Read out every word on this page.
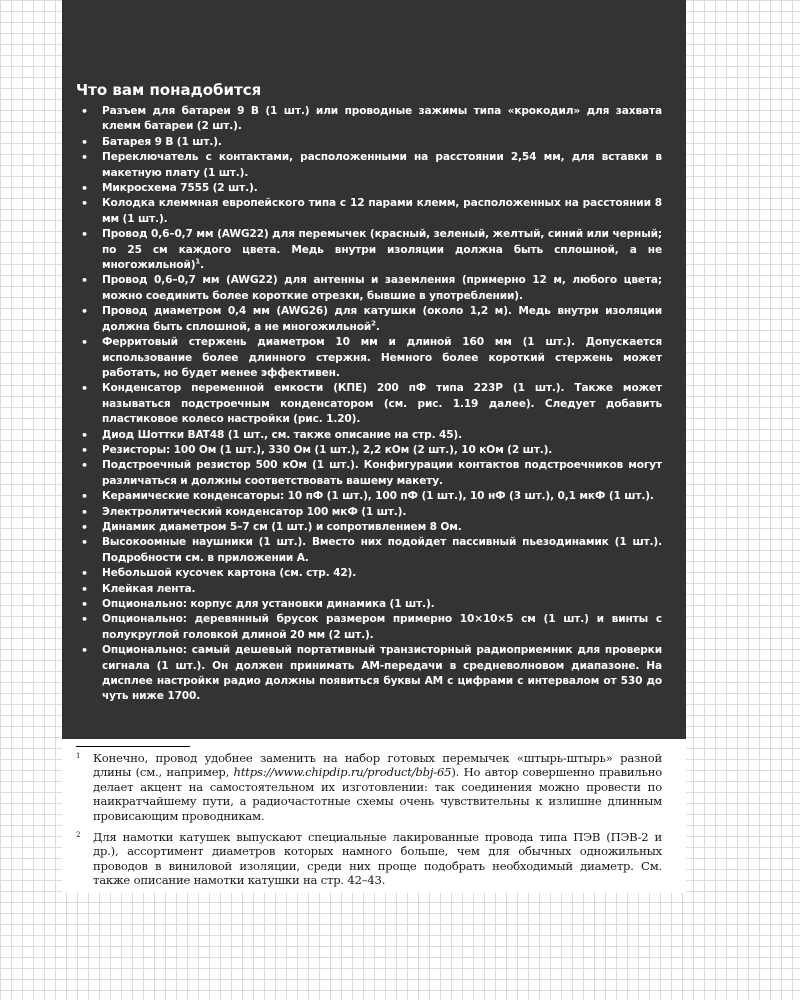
Что вам понадобится
• Разъем для батареи 9 В (1 шт.) или проводные зажимы типа «крокодил» для захвата клемм батареи (2 шт.).
• Батарея 9 В (1 шт.).
• Переключатель с контактами, расположенными на расстоянии 2,54 мм, для вставки в макетную плату (1 шт.).
• Микросхема 7555 (2 шт.).
• Колодка клеммная европейского типа с 12 парами клемм, расположенных на расстоянии 8 мм (1 шт.).
• Провод 0,6–0,7 мм (AWG22) для перемычек (красный, зеленый, желтый, синий или черный; по 25 см каждого цвета. Медь внутри изоляции должна быть сплошной, а не многожильной)$^1$.
• Провод 0,6–0,7 мм (AWG22) для антенны и заземления (примерно 12 м, любого цвета; можно соединить более короткие отрезки, бывшие в употреблении).
• Провод диаметром 0,4 мм (AWG26) для катушки (около 1,2 м). Медь внутри изоляции должна быть сплошной, а не многожильной$^2$.
• Ферритовый стержень диаметром 10 мм и длиной 160 мм (1 шт.). Допускается использование более длинного стержня. Немного более короткий стержень может работать, но будет менее эффективен.
• Конденсатор переменной емкости (КПЕ) 200 пФ типа 223P (1 шт.). Также может называться подстроечным конденсатором (см. рис. 1.19 далее). Следует добавить пластиковое колесо настройки (рис. 1.20).
• Диод Шоттки BAT48 (1 шт., см. также описание на стр. 45).
• Резисторы: 100 Ом (1 шт.), 330 Ом (1 шт.), 2,2 кОм (2 шт.), 10 кОм (2 шт.).
• Подстроечный резистор 500 кОм (1 шт.). Конфигурации контактов подстроечников могут различаться и должны соответствовать вашему макету.
• Керамические конденсаторы: 10 пФ (1 шт.), 100 пФ (1 шт.), 10 нФ (3 шт.), 0,1 мкФ (1 шт.).
• Электролитический конденсатор 100 мкФ (1 шт.).
• Динамик диаметром 5–7 см (1 шт.) и сопротивлением 8 Ом.
• Высокоомные наушники (1 шт.). Вместо них подойдет пассивный пьезодинамик (1 шт.). Подробности см. в приложении А.
• Небольшой кусочек картона (см. стр. 42).
• Клейкая лента.
• Опционально: корпус для установки динамика (1 шт.).
• Опционально: деревянный брусок размером примерно 10×10×5 см (1 шт.) и винты с полукруглой головкой длиной 20 мм (2 шт.).
• Опционально: самый дешевый портативный транзисторный радиоприемник для проверки сигнала (1 шт.). Он должен принимать АМ-передачи в средневолновом диапазоне. На дисплее настройки радио должны появиться буквы АМ с цифрами с интервалом от 530 до чуть ниже 1700.
1 Конечно, провод удобнее заменить на набор готовых перемычек «штырь-штырь» разной длины (см., например, https://www.chipdip.ru/product/bbj-65). Но автор совершенно правильно делает акцент на самостоятельном их изготовлении: так соединения можно провести по наикратчайшему пути, а радиочастотные схемы очень чувствительны к излишне длинным провисающим проводникам.
2 Для намотки катушек выпускают специальные лакированные провода типа ПЭВ (ПЭВ-2 и др.), ассортимент диаметров которых намного больше, чем для обычных одножильных проводов в виниловой изоляции, среди них проще подобрать необходимый диаметр. См. также описание намотки катушки на стр. 42–43.
